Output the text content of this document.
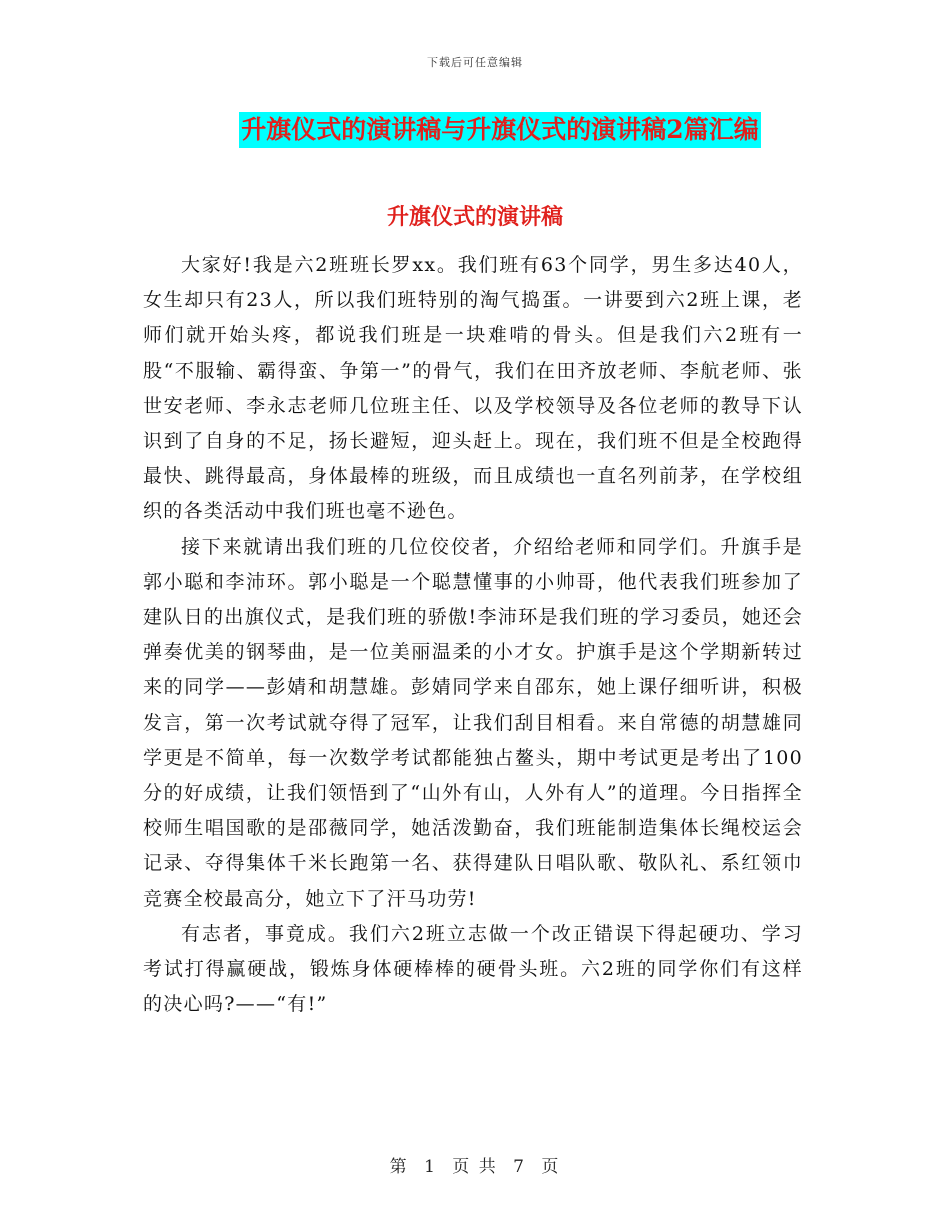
下载后可任意编辑
升旗仪式的演讲稿与升旗仪式的演讲稿2篇汇编
升旗仪式的演讲稿

大家好!我是六2班班长罗xx。我们班有63个同学，男生多达40人，女生却只有23人，所以我们班特别的淘气捣蛋。一讲要到六2班上课，老师们就开始头疼，都说我们班是一块难啃的骨头。但是我们六2班有一股“不服输、霸得蛮、争第一”的骨气，我们在田齐放老师、李航老师、张世安老师、李永志老师几位班主任、以及学校领导及各位老师的教导下认识到了自身的不足，扬长避短，迎头赶上。现在，我们班不但是全校跑得最快、跳得最高，身体最棒的班级，而且成绩也一直名列前茅，在学校组织的各类活动中我们班也毫不逊色。

接下来就请出我们班的几位佼佼者，介绍给老师和同学们。升旗手是郭小聪和李沛环。郭小聪是一个聪慧懂事的小帅哥，他代表我们班参加了建队日的出旗仪式，是我们班的骄傲!李沛环是我们班的学习委员，她还会弹奏优美的钢琴曲，是一位美丽温柔的小才女。护旗手是这个学期新转过来的同学——彭婧和胡慧雄。彭婧同学来自邵东，她上课仔细听讲，积极发言，第一次考试就夺得了冠军，让我们刮目相看。来自常德的胡慧雄同学更是不简单，每一次数学考试都能独占鳌头，期中考试更是考出了100分的好成绩，让我们领悟到了“山外有山，人外有人”的道理。今日指挥全校师生唱国歌的是邵薇同学，她活泼勤奋，我们班能制造集体长绳校运会记录、夺得集体千米长跑第一名、获得建队日唱队歌、敬队礼、系红领巾竞赛全校最高分，她立下了汗马功劳!

有志者，事竟成。我们六2班立志做一个改正错误下得起硬功、学习考试打得赢硬战，锻炼身体硬棒棒的硬骨头班。六2班的同学你们有这样的决心吗?——“有!”

第 1 页 共 7 页
